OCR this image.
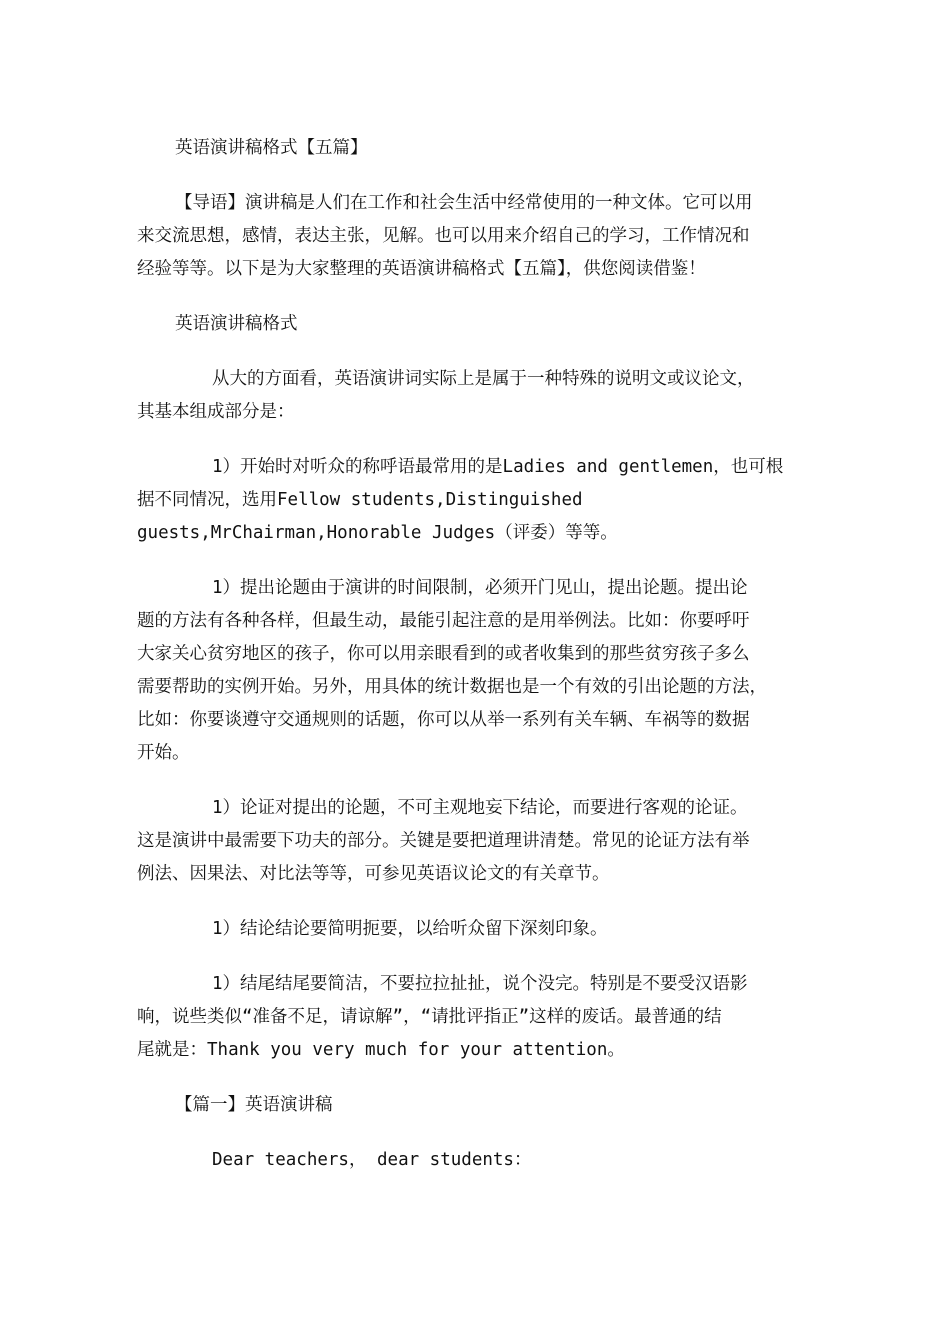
英语演讲稿格式【五篇】
【导语】演讲稿是人们在工作和社会生活中经常使用的一种文体。它可以用
来交流思想，感情，表达主张，见解。也可以用来介绍自己的学习，工作情况和
经验等等。以下是为大家整理的英语演讲稿格式【五篇】，供您阅读借鉴！
英语演讲稿格式
从大的方面看，英语演讲词实际上是属于一种特殊的说明文或议论文，
其基本组成部分是：
1）开始时对听众的称呼语最常用的是Ladies and gentlemen，也可根
据不同情况，选用Fellow students,Distinguished
guests,MrChairman,Honorable Judges（评委）等等。
1）提出论题由于演讲的时间限制，必须开门见山，提出论题。提出论
题的方法有各种各样，但最生动，最能引起注意的是用举例法。比如：你要呼吁
大家关心贫穷地区的孩子，你可以用亲眼看到的或者收集到的那些贫穷孩子多么
需要帮助的实例开始。另外，用具体的统计数据也是一个有效的引出论题的方法，
比如：你要谈遵守交通规则的话题，你可以从举一系列有关车辆、车祸等的数据
开始。
1）论证对提出的论题，不可主观地妄下结论，而要进行客观的论证。
这是演讲中最需要下功夫的部分。关键是要把道理讲清楚。常见的论证方法有举
例法、因果法、对比法等等，可参见英语议论文的有关章节。
1）结论结论要简明扼要，以给听众留下深刻印象。
1）结尾结尾要简洁，不要拉拉扯扯，说个没完。特别是不要受汉语影
响，说些类似“准备不足，请谅解”，“请批评指正”这样的废话。最普通的结
尾就是：Thank you very much for your attention。
【篇一】英语演讲稿
Dear teachers， dear students：
